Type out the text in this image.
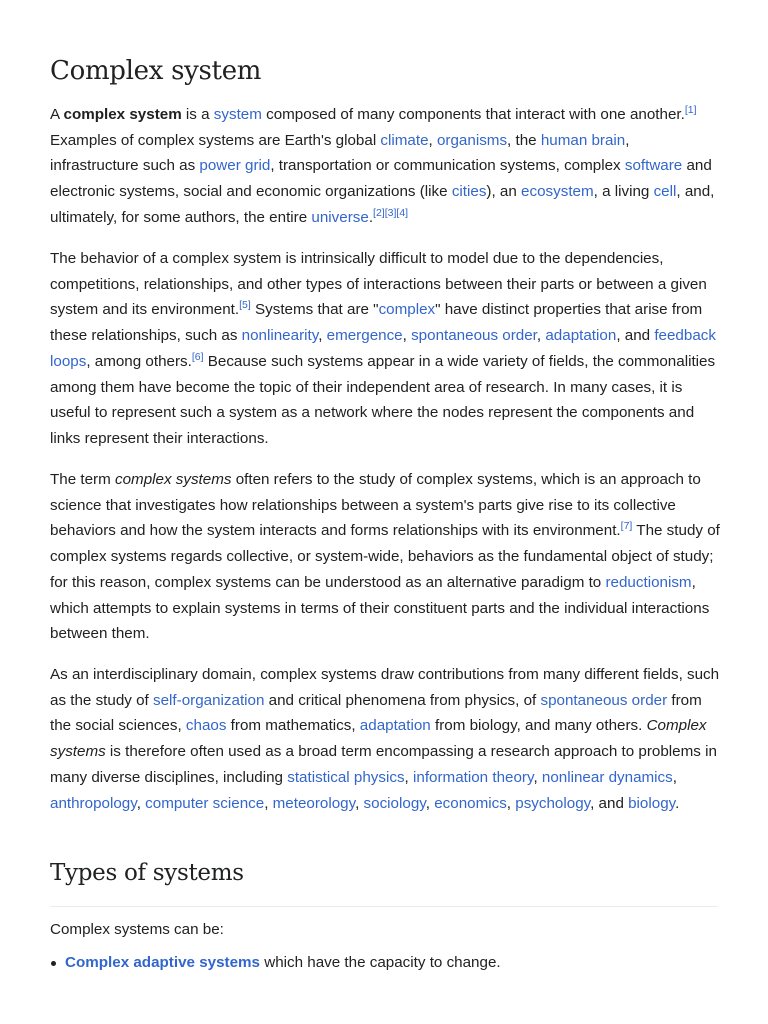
Complex system

A complex system is a system composed of many components that interact with one another.[1] Examples of complex systems are Earth's global climate, organisms, the human brain, infrastructure such as power grid, transportation or communication systems, complex software and electronic systems, social and economic organizations (like cities), an ecosystem, a living cell, and, ultimately, for some authors, the entire universe.[2][3][4]

The behavior of a complex system is intrinsically difficult to model due to the dependencies, competitions, relationships, and other types of interactions between their parts or between a given system and its environment.[5] Systems that are "complex" have distinct properties that arise from these relationships, such as nonlinearity, emergence, spontaneous order, adaptation, and feedback loops, among others.[6] Because such systems appear in a wide variety of fields, the commonalities among them have become the topic of their independent area of research. In many cases, it is useful to represent such a system as a network where the nodes represent the components and links represent their interactions.

The term complex systems often refers to the study of complex systems, which is an approach to science that investigates how relationships between a system's parts give rise to its collective behaviors and how the system interacts and forms relationships with its environment.[7] The study of complex systems regards collective, or system-wide, behaviors as the fundamental object of study; for this reason, complex systems can be understood as an alternative paradigm to reductionism, which attempts to explain systems in terms of their constituent parts and the individual interactions between them.

As an interdisciplinary domain, complex systems draw contributions from many different fields, such as the study of self-organization and critical phenomena from physics, of spontaneous order from the social sciences, chaos from mathematics, adaptation from biology, and many others. Complex systems is therefore often used as a broad term encompassing a research approach to problems in many diverse disciplines, including statistical physics, information theory, nonlinear dynamics, anthropology, computer science, meteorology, sociology, economics, psychology, and biology.

Types of systems

Complex systems can be:

Complex adaptive systems which have the capacity to change.
